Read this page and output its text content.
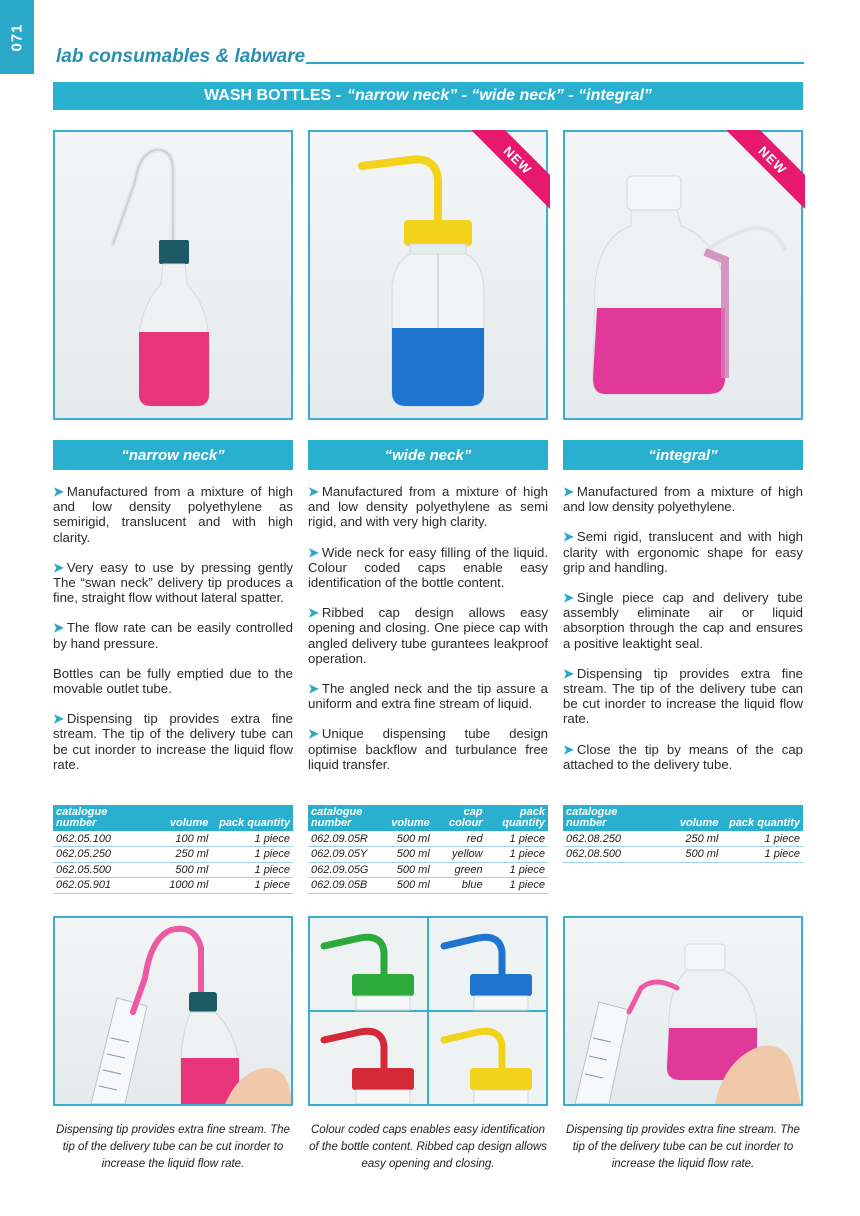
071
lab consumables & labware
WASH BOTTLES - “narrow neck” - “wide neck” - “integral”
NEW	NEW
“narrow neck”	“wide neck”	“integral”

➤ Manufactured from a mixture of high and low density polyethylene as semirigid, translucent and with high clarity.

➤ Very easy to use by pressing gently The “swan neck” delivery tip produces a fine, straight flow without lateral spatter.

➤ The flow rate can be easily controlled by hand pressure.

Bottles can be fully emptied due to the movable outlet tube.

➤ Dispensing tip provides extra fine stream. The tip of the delivery tube can be cut inorder to increase the liquid flow rate.

➤ Manufactured from a mixture of high and low density polyethylene as semi rigid, and with very high clarity.

➤ Wide neck for easy filling of the liquid. Colour coded caps enable easy identification of the bottle content.

➤ Ribbed cap design allows easy opening and closing. One piece cap with angled delivery tube gurantees leakproof operation.

➤ The angled neck and the tip assure a uniform and extra fine stream of liquid.

➤ Unique dispensing tube design optimise backflow and turbulance free liquid transfer.

➤ Manufactured from a mixture of high and low density polyethylene.

➤ Semi rigid, translucent and with high clarity with ergonomic shape for easy grip and handling.

➤ Single piece cap and delivery tube assembly eliminate air or liquid absorption through the cap and ensures a positive leaktight seal.

➤ Dispensing tip provides extra fine stream. The tip of the delivery tube can be cut inorder to increase the liquid flow rate.

➤ Close the tip by means of the cap attached to the delivery tube.

catalogue number	volume	pack quantity
062.05.100	100 ml	1 piece
062.05.250	250 ml	1 piece
062.05.500	500 ml	1 piece
062.05.901	1000 ml	1 piece
catalogue number	volume	cap colour	pack quantity
062.09.05R	500 ml	red	1 piece
062.09.05Y	500 ml	yellow	1 piece
062.09.05G	500 ml	green	1 piece
062.09.05B	500 ml	blue	1 piece
catalogue number	volume	pack quantity
062.08.250	250 ml	1 piece
062.08.500	500 ml	1 piece
Dispensing tip provides extra fine stream. The tip of the delivery tube can be cut inorder to increase the liquid flow rate.
Colour coded caps enables easy identification of the bottle content. Ribbed cap design allows easy opening and closing.
Dispensing tip provides extra fine stream. The tip of the delivery tube can be cut inorder to increase the liquid flow rate.
